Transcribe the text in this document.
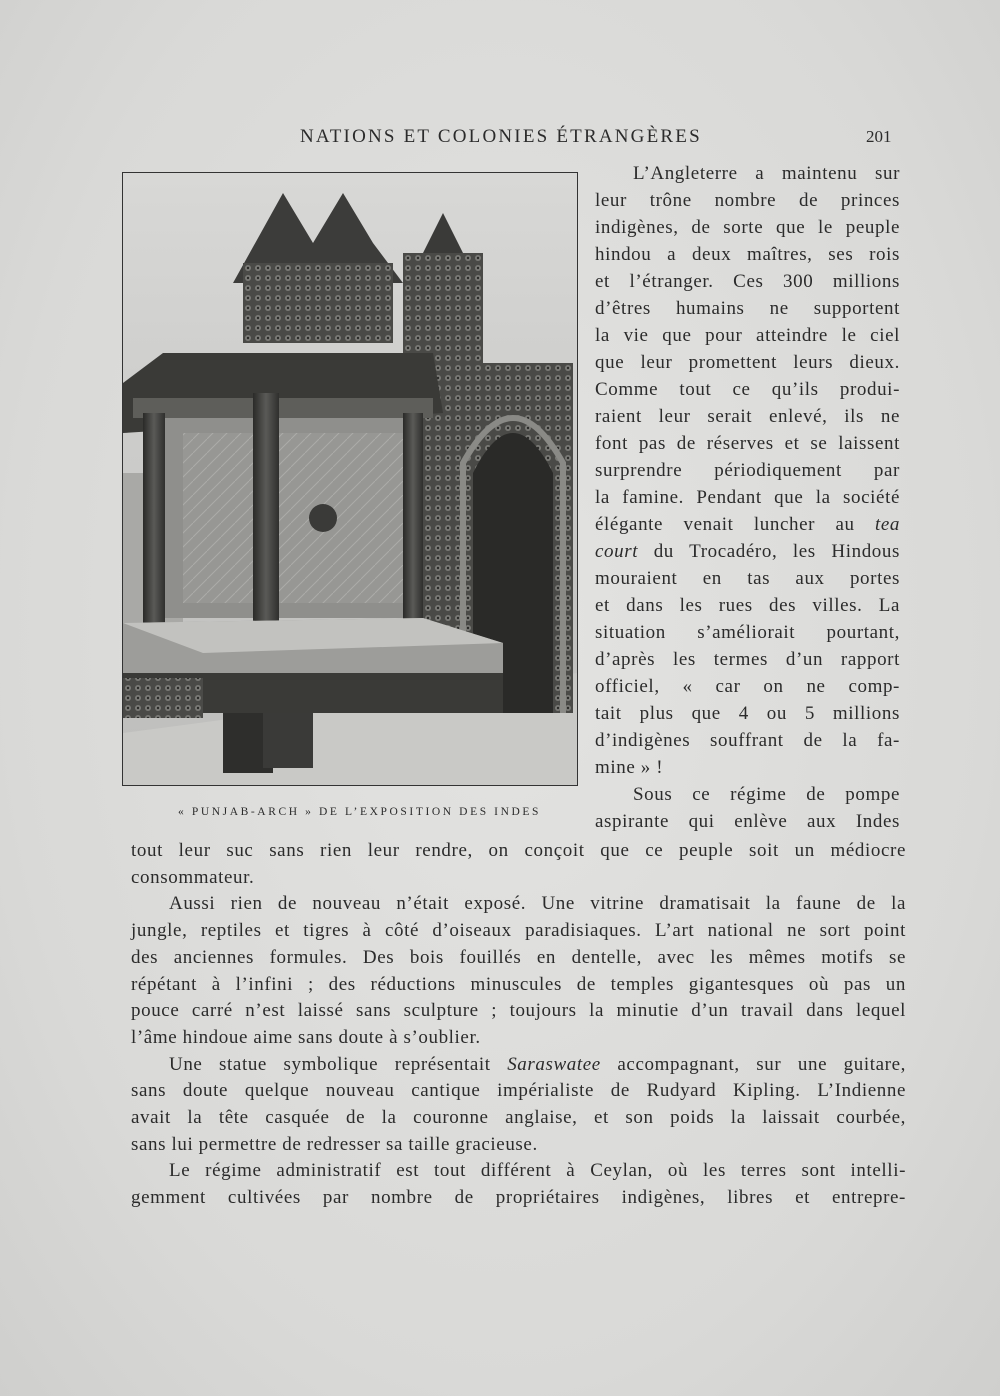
NATIONS ET COLONIES ÉTRANGÈRES	201
« PUNJAB-ARCH » DE L’EXPOSITION DES INDES
L’Angleterre a maintenu sur
leur trône nombre de princes
indigènes, de sorte que le peuple
hindou a deux maîtres, ses rois
et l’étranger. Ces 300 millions
d’êtres humains ne supportent
la vie que pour atteindre le ciel
que leur promettent leurs dieux.
Comme tout ce qu’ils produi-
raient leur serait enlevé, ils ne
font pas de réserves et se laissent
surprendre périodiquement par
la famine. Pendant que la société
élégante venait luncher au tea
court du Trocadéro, les Hindous
mouraient en tas aux portes
et dans les rues des villes. La
situation s’améliorait pourtant,
d’après les termes d’un rapport
officiel, « car on ne comp-
tait plus que 4 ou 5 millions
d’indigènes souffrant de la fa-
mine » !
Sous ce régime de pompe
aspirante qui enlève aux Indes
tout leur suc sans rien leur rendre, on conçoit que ce peuple soit un médiocre
consommateur.
Aussi rien de nouveau n’était exposé. Une vitrine dramatisait la faune de la
jungle, reptiles et tigres à côté d’oiseaux paradisiaques. L’art national ne sort point
des anciennes formules. Des bois fouillés en dentelle, avec les mêmes motifs se
répétant à l’infini ; des réductions minuscules de temples gigantesques où pas un
pouce carré n’est laissé sans sculpture ; toujours la minutie d’un travail dans lequel
l’âme hindoue aime sans doute à s’oublier.
Une statue symbolique représentait Saraswatee accompagnant, sur une guitare,
sans doute quelque nouveau cantique impérialiste de Rudyard Kipling. L’Indienne
avait la tête casquée de la couronne anglaise, et son poids la laissait courbée,
sans lui permettre de redresser sa taille gracieuse.
Le régime administratif est tout différent à Ceylan, où les terres sont intelli-
gemment cultivées par nombre de propriétaires indigènes, libres et entrepre-
